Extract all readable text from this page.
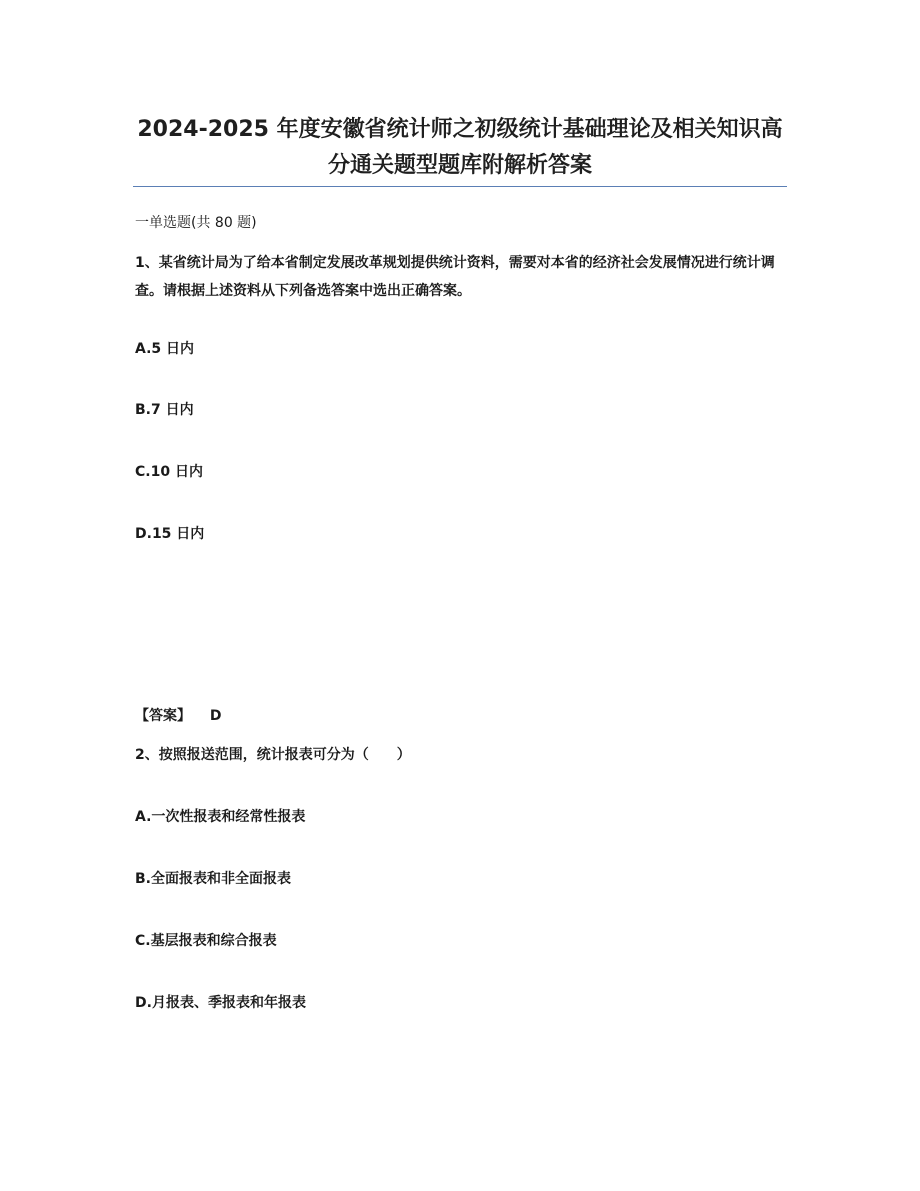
2024-2025 年度安徽省统计师之初级统计基础理论及相关知识高分通关题型题库附解析答案
一单选题(共 80 题)
1、某省统计局为了给本省制定发展改革规划提供统计资料，需要对本省的经济社会发展情况进行统计调查。请根据上述资料从下列备选答案中选出正确答案。
A.5 日内
B.7 日内
C.10 日内
D.15 日内
【答案】 D
2、按照报送范围，统计报表可分为（　　）
A.一次性报表和经常性报表
B.全面报表和非全面报表
C.基层报表和综合报表
D.月报表、季报表和年报表
